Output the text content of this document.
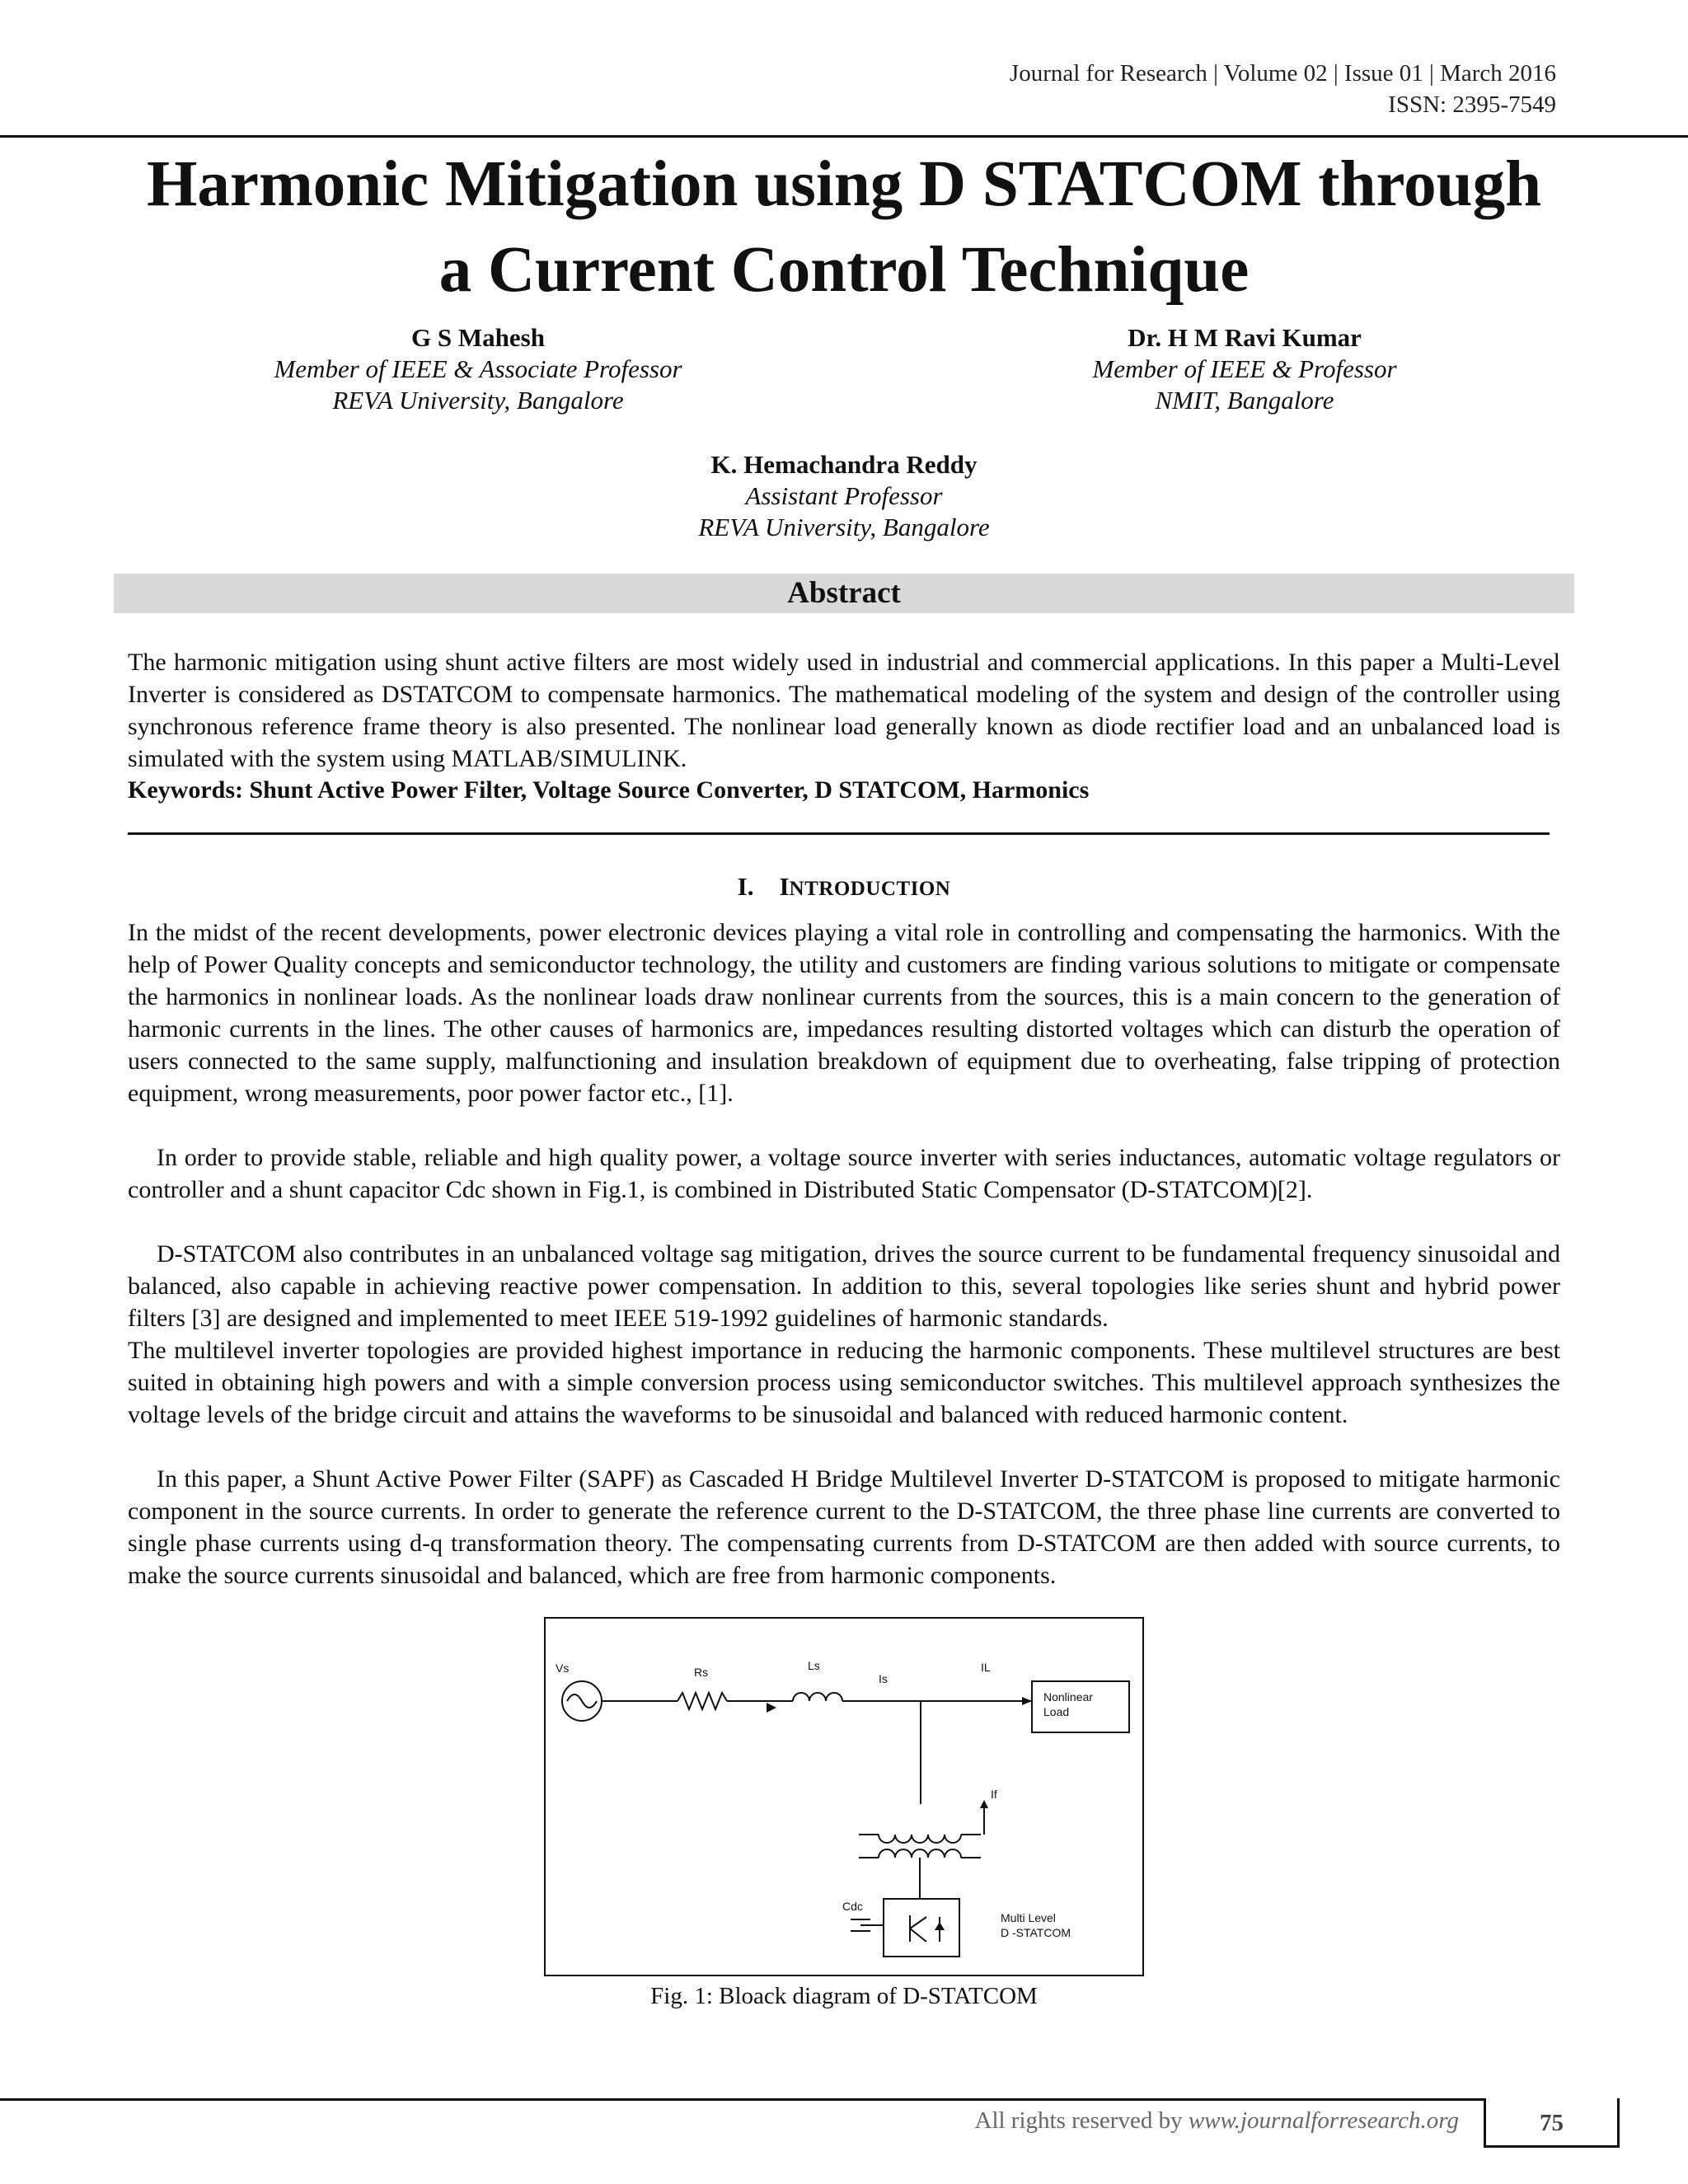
Journal for Research | Volume 02 | Issue 01 | March 2016
ISSN: 2395-7549
Harmonic Mitigation using D STATCOM through
a Current Control Technique
G S Mahesh
Member of IEEE & Associate Professor
REVA University, Bangalore
Dr. H M Ravi Kumar
Member of IEEE & Professor
NMIT, Bangalore
K. Hemachandra Reddy
Assistant Professor
REVA University, Bangalore
Abstract

The harmonic mitigation using shunt active filters are most widely used in industrial and commercial applications. In this paper a Multi-Level Inverter is considered as DSTATCOM to compensate harmonics. The mathematical modeling of the system and design of the controller using synchronous reference frame theory is also presented. The nonlinear load generally known as diode rectifier load and an unbalanced load is simulated with the system using MATLAB/SIMULINK.

Keywords: Shunt Active Power Filter, Voltage Source Converter, D STATCOM, Harmonics
I. INTRODUCTION

In the midst of the recent developments, power electronic devices playing a vital role in controlling and compensating the harmonics. With the help of Power Quality concepts and semiconductor technology, the utility and customers are finding various solutions to mitigate or compensate the harmonics in nonlinear loads. As the nonlinear loads draw nonlinear currents from the sources, this is a main concern to the generation of harmonic currents in the lines. The other causes of harmonics are, impedances resulting distorted voltages which can disturb the operation of users connected to the same supply, malfunctioning and insulation breakdown of equipment due to overheating, false tripping of protection equipment, wrong measurements, poor power factor etc., [1].

In order to provide stable, reliable and high quality power, a voltage source inverter with series inductances, automatic voltage regulators or controller and a shunt capacitor Cdc shown in Fig.1, is combined in Distributed Static Compensator (D-STATCOM)[2].

D-STATCOM also contributes in an unbalanced voltage sag mitigation, drives the source current to be fundamental frequency sinusoidal and balanced, also capable in achieving reactive power compensation. In addition to this, several topologies like series shunt and hybrid power filters [3] are designed and implemented to meet IEEE 519-1992 guidelines of harmonic standards.

The multilevel inverter topologies are provided highest importance in reducing the harmonic components. These multilevel structures are best suited in obtaining high powers and with a simple conversion process using semiconductor switches. This multilevel approach synthesizes the voltage levels of the bridge circuit and attains the waveforms to be sinusoidal and balanced with reduced harmonic content.

In this paper, a Shunt Active Power Filter (SAPF) as Cascaded H Bridge Multilevel Inverter D-STATCOM is proposed to mitigate harmonic component in the source currents. In order to generate the reference current to the D-STATCOM, the three phase line currents are converted to single phase currents using d-q transformation theory. The compensating currents from D-STATCOM are then added with source currents, to make the source currents sinusoidal and balanced, which are free from harmonic components.

Vs	Rs	Ls
Is
IL
Nonlinear
Load
If
Cdc
Multi Level
D -STATCOM
Fig. 1: Bloack diagram of D-STATCOM
All rights reserved by www.journalforresearch.org	75
